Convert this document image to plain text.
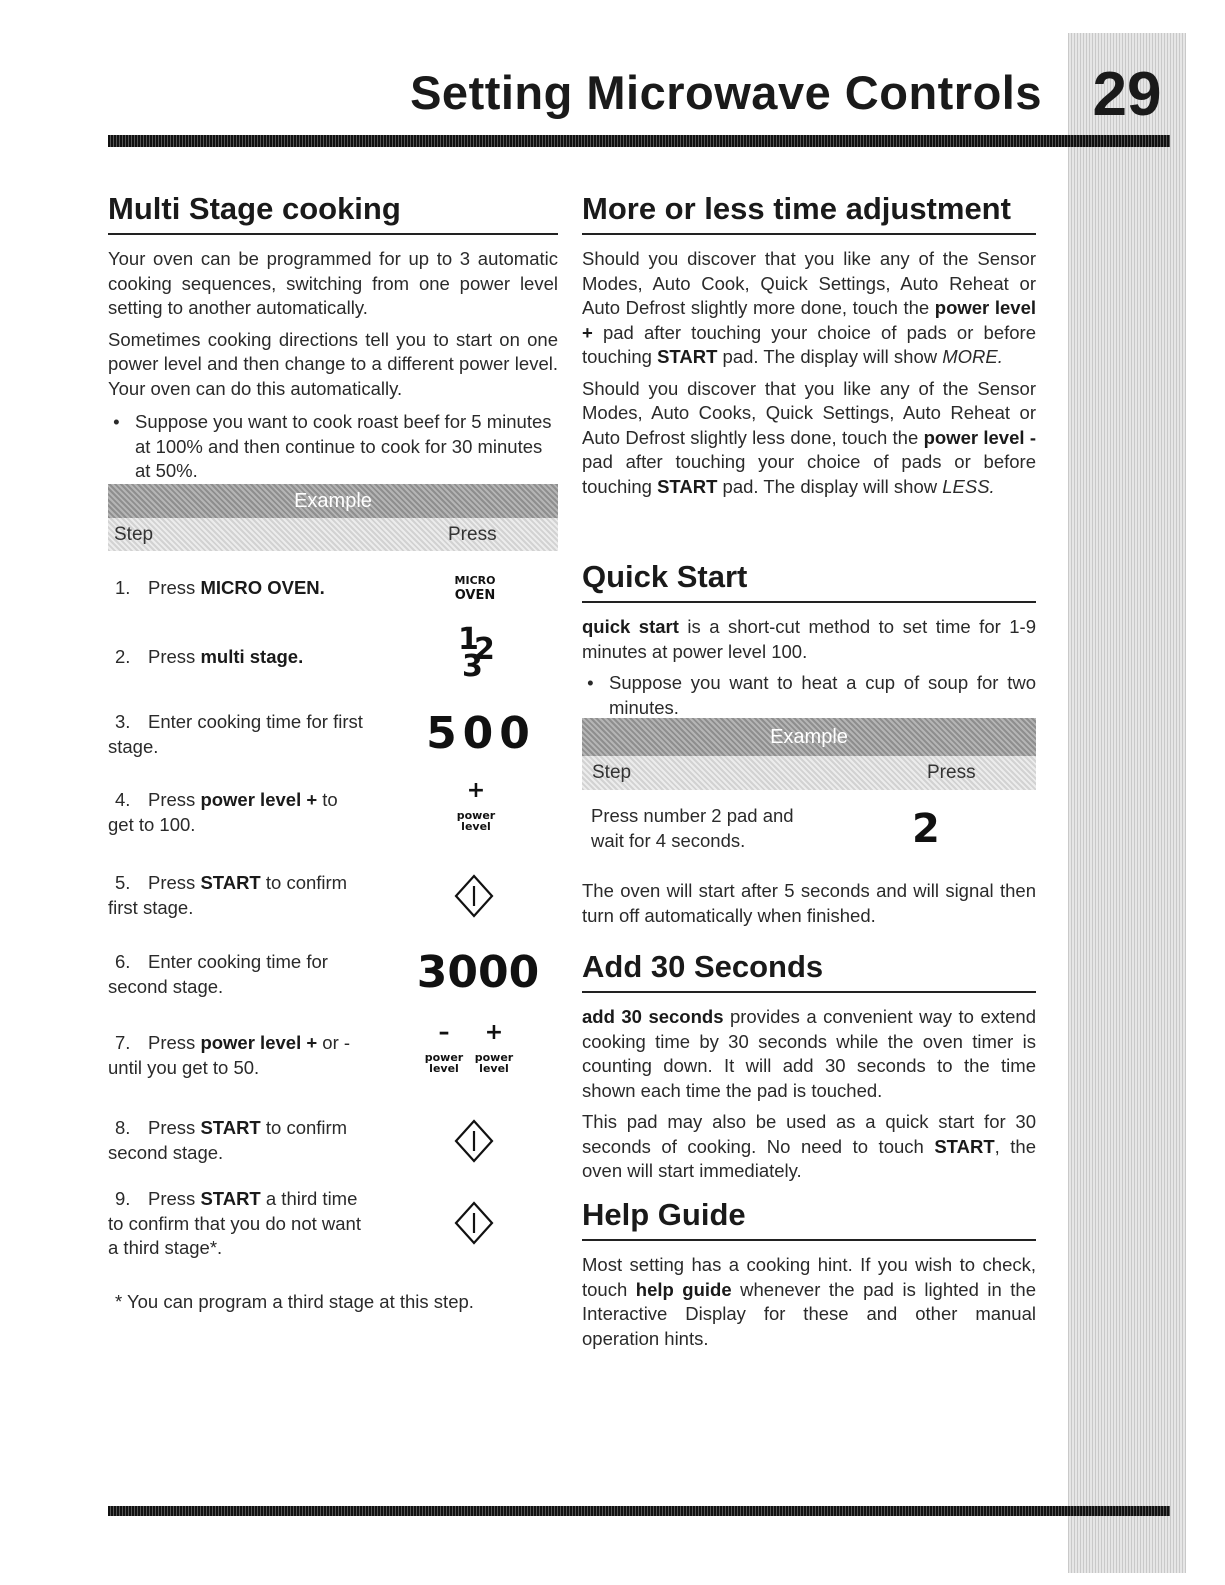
29
Setting Microwave Controls
Multi Stage cooking

Your oven can be programmed for up to 3 automatic cooking sequences, switching from one power level setting to another automatically.

Sometimes cooking directions tell you to start on one power level and then change to a different power level. Your oven can do this automatically.

• Suppose you want to cook roast beef for 5 minutes at 100% and then continue to cook for 30 minutes at 50%.
Example
Step	Press
1. Press MICRO OVEN.	MICRO
OVEN
2. Press multi stage.	1
2
3
3. Enter cooking time for first stage.	500
4. Press power level + to get to 100.
+
power
level
5. Press START to confirm first stage.
6. Enter cooking time for second stage.	3000
7. Press power level + or - until you get to 50.
–
power
level
+
power
level
8. Press START to confirm second stage.
9. Press START a third time to confirm that you do not want a third stage*.
* You can program a third stage at this step.
More or less time adjustment

Should you discover that you like any of the Sensor Modes, Auto Cook, Quick Settings, Auto Reheat or Auto Defrost slightly more done, touch the power level + pad after touching your choice of pads or before touching START pad. The display will show MORE.

Should you discover that you like any of the Sensor Modes, Auto Cooks, Quick Settings, Auto Reheat or Auto Defrost slightly less done, touch the power level - pad after touching your choice of pads or before touching START pad. The display will show LESS.

Quick Start

quick start is a short-cut method to set time for 1-9 minutes at power level 100.

• Suppose you want to heat a cup of soup for two minutes.
Example
Step	Press
Press number 2 pad and wait for 4 seconds.	2

The oven will start after 5 seconds and will signal then turn off automatically when finished.

Add 30 Seconds

add 30 seconds provides a convenient way to extend cooking time by 30 seconds while the oven timer is counting down. It will add 30 seconds to the time shown each time the pad is touched.

This pad may also be used as a quick start for 30 seconds of cooking. No need to touch START, the oven will start immediately.

Help Guide

Most setting has a cooking hint. If you wish to check, touch help guide whenever the pad is lighted in the Interactive Display for these and other manual operation hints.
